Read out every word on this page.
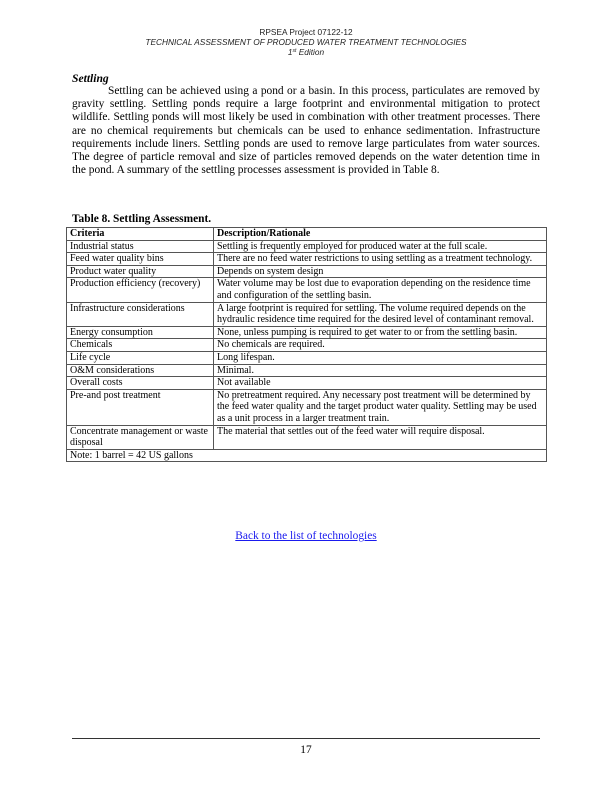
RPSEA Project 07122-12
TECHNICAL ASSESSMENT OF PRODUCED WATER TREATMENT TECHNOLOGIES
1st Edition
Settling

Settling can be achieved using a pond or a basin. In this process, particulates are removed by gravity settling. Settling ponds require a large footprint and environmental mitigation to protect wildlife. Settling ponds will most likely be used in combination with other treatment processes. There are no chemical requirements but chemicals can be used to enhance sedimentation. Infrastructure requirements include liners. Settling ponds are used to remove large particulates from water sources. The degree of particle removal and size of particles removed depends on the water detention time in the pond. A summary of the settling processes assessment is provided in Table 8.

Table 8. Settling Assessment.
Criteria	Description/Rationale
Industrial status	Settling is frequently employed for produced water at the full scale.
Feed water quality bins	There are no feed water restrictions to using settling as a treatment technology.
Product water quality	Depends on system design
Production efficiency (recovery)	Water volume may be lost due to evaporation depending on the residence time and configuration of the settling basin.
Infrastructure considerations	A large footprint is required for settling. The volume required depends on the hydraulic residence time required for the desired level of contaminant removal.
Energy consumption	None, unless pumping is required to get water to or from the settling basin.
Chemicals	No chemicals are required.
Life cycle	Long lifespan.
O&M considerations	Minimal.
Overall costs	Not available
Pre-and post treatment	No pretreatment required. Any necessary post treatment will be determined by the feed water quality and the target product water quality. Settling may be used as a unit process in a larger treatment train.
Concentrate management or waste disposal	The material that settles out of the feed water will require disposal.
Note: 1 barrel = 42 US gallons	
Back to the list of technologies
17
